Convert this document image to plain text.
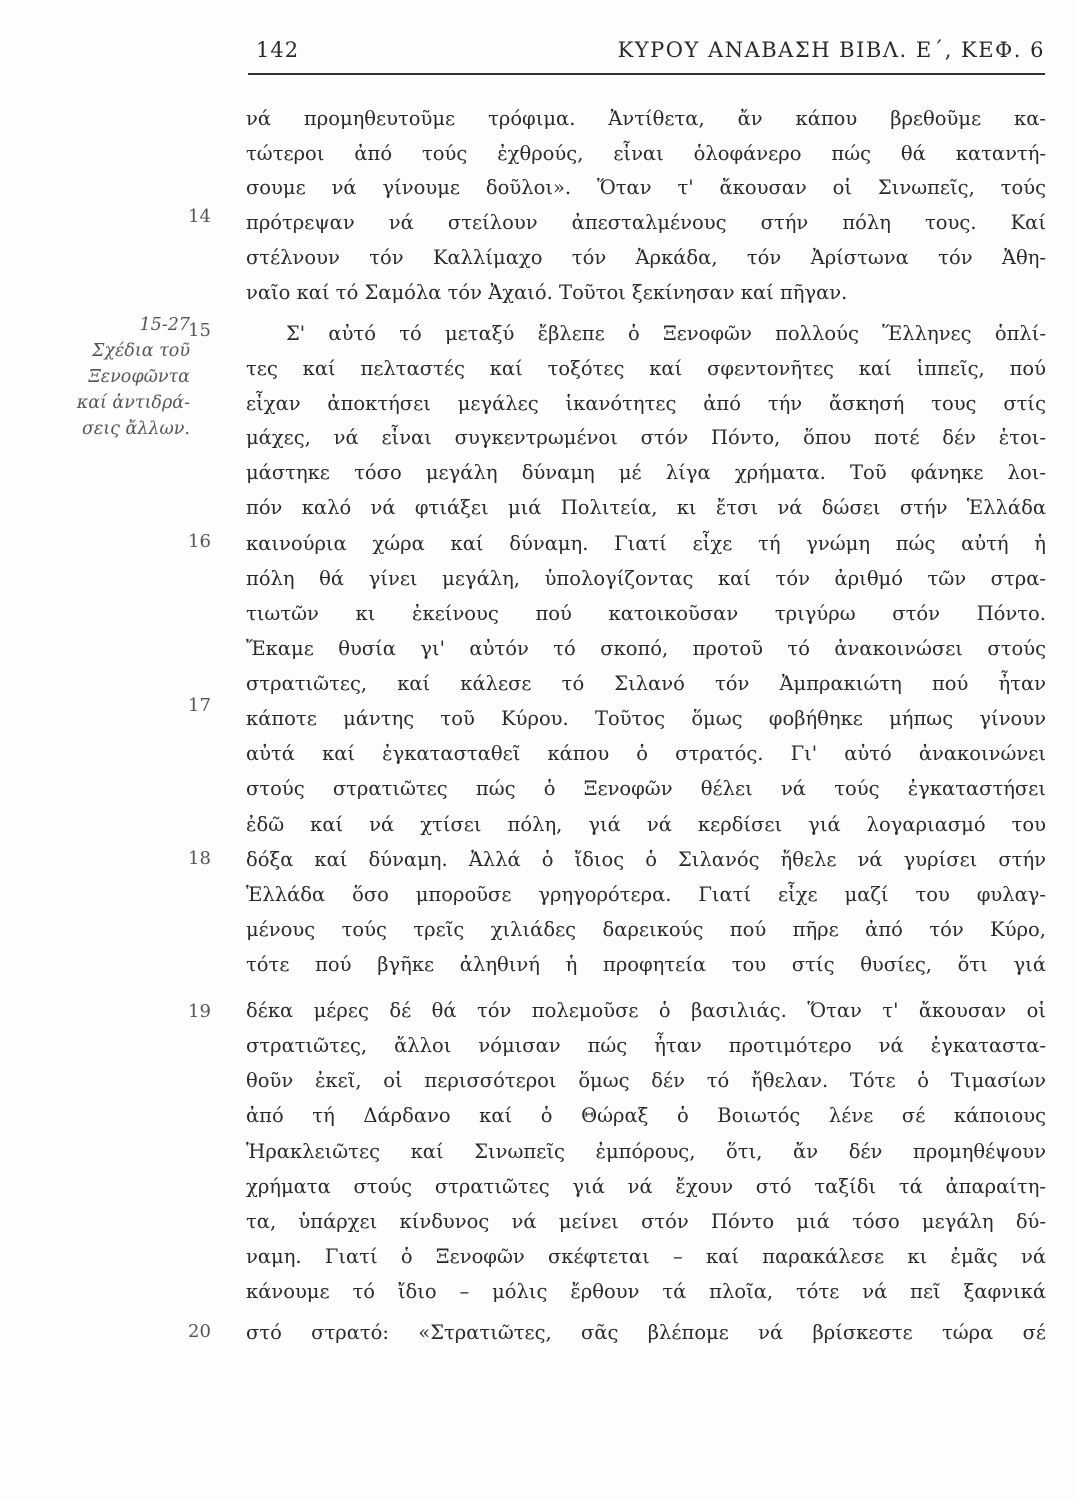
142	ΚΥΡΟΥ ΑΝΑΒΑΣΗ ΒΙΒΛ. Ε΄, ΚΕΦ. 6
15-27
Σχέδια τοῦ
Ξενοφῶντα
καί ἀντιδρά-
σεις ἄλλων.
14
15
16
17
18
19
20
νά προμηθευτοῦμε τρόφιμα. Ἀντίθετα, ἄν κάπου βρεθοῦμε κα-
τώτεροι ἀπό τούς ἐχθρούς, εἶναι ὁλοφάνερο πώς θά καταντή-
σουμε νά γίνουμε δοῦλοι». Ὅταν τ' ἄκουσαν οἱ Σινωπεῖς, τούς
πρότρεψαν νά στείλουν ἀπεσταλμένους στήν πόλη τους. Καί
στέλνουν τόν Καλλίμαχο τόν Ἀρκάδα, τόν Ἀρίστωνα τόν Ἀθη-
ναῖο καί τό Σαμόλα τόν Ἀχαιό. Τοῦτοι ξεκίνησαν καί πῆγαν.
Σ' αὐτό τό μεταξύ ἔβλεπε ὁ Ξενοφῶν πολλούς Ἕλληνες ὁπλί-
τες καί πελταστές καί τοξότες καί σφεντονῆτες καί ἱππεῖς, πού
εἶχαν ἀποκτήσει μεγάλες ἱκανότητες ἀπό τήν ἄσκησή τους στίς
μάχες, νά εἶναι συγκεντρωμένοι στόν Πόντο, ὅπου ποτέ δέν ἑτοι-
μάστηκε τόσο μεγάλη δύναμη μέ λίγα χρήματα. Τοῦ φάνηκε λοι-
πόν καλό νά φτιάξει μιά Πολιτεία, κι ἔτσι νά δώσει στήν Ἑλλάδα
καινούρια χώρα καί δύναμη. Γιατί εἶχε τή γνώμη πώς αὐτή ἡ
πόλη θά γίνει μεγάλη, ὑπολογίζοντας καί τόν ἀριθμό τῶν στρα-
τιωτῶν κι ἐκείνους πού κατοικοῦσαν τριγύρω στόν Πόντο.
Ἔκαμε θυσία γι' αὐτόν τό σκοπό, προτοῦ τό ἀνακοινώσει στούς
στρατιῶτες, καί κάλεσε τό Σιλανό τόν Ἀμπρακιώτη πού ἦταν
κάποτε μάντης τοῦ Κύρου. Τοῦτος ὅμως φοβήθηκε μήπως γίνουν
αὐτά καί ἐγκατασταθεῖ κάπου ὁ στρατός. Γι' αὐτό ἀνακοινώνει
στούς στρατιῶτες πώς ὁ Ξενοφῶν θέλει νά τούς ἐγκαταστήσει
ἐδῶ καί νά χτίσει πόλη, γιά νά κερδίσει γιά λογαριασμό του
δόξα καί δύναμη. Ἀλλά ὁ ἴδιος ὁ Σιλανός ἤθελε νά γυρίσει στήν
Ἑλλάδα ὅσο μποροῦσε γρηγορότερα. Γιατί εἶχε μαζί του φυλαγ-
μένους τούς τρεῖς χιλιάδες δαρεικούς πού πῆρε ἀπό τόν Κύρο,
τότε πού βγῆκε ἀληθινή ἡ προφητεία του στίς θυσίες, ὅτι γιά
δέκα μέρες δέ θά τόν πολεμοῦσε ὁ βασιλιάς. Ὅταν τ' ἄκουσαν οἱ
στρατιῶτες, ἄλλοι νόμισαν πώς ἦταν προτιμότερο νά ἐγκαταστα-
θοῦν ἐκεῖ, οἱ περισσότεροι ὅμως δέν τό ἤθελαν. Τότε ὁ Τιμασίων
ἀπό τή Δάρδανο καί ὁ Θώραξ ὁ Βοιωτός λένε σέ κάποιους
Ἡρακλειῶτες καί Σινωπεῖς ἐμπόρους, ὅτι, ἄν δέν προμηθέψουν
χρήματα στούς στρατιῶτες γιά νά ἔχουν στό ταξίδι τά ἀπαραίτη-
τα, ὑπάρχει κίνδυνος νά μείνει στόν Πόντο μιά τόσο μεγάλη δύ-
ναμη. Γιατί ὁ Ξενοφῶν σκέφτεται – καί παρακάλεσε κι ἐμᾶς νά
κάνουμε τό ἴδιο – μόλις ἔρθουν τά πλοῖα, τότε νά πεῖ ξαφνικά
στό στρατό: «Στρατιῶτες, σᾶς βλέπομε νά βρίσκεστε τώρα σέ
